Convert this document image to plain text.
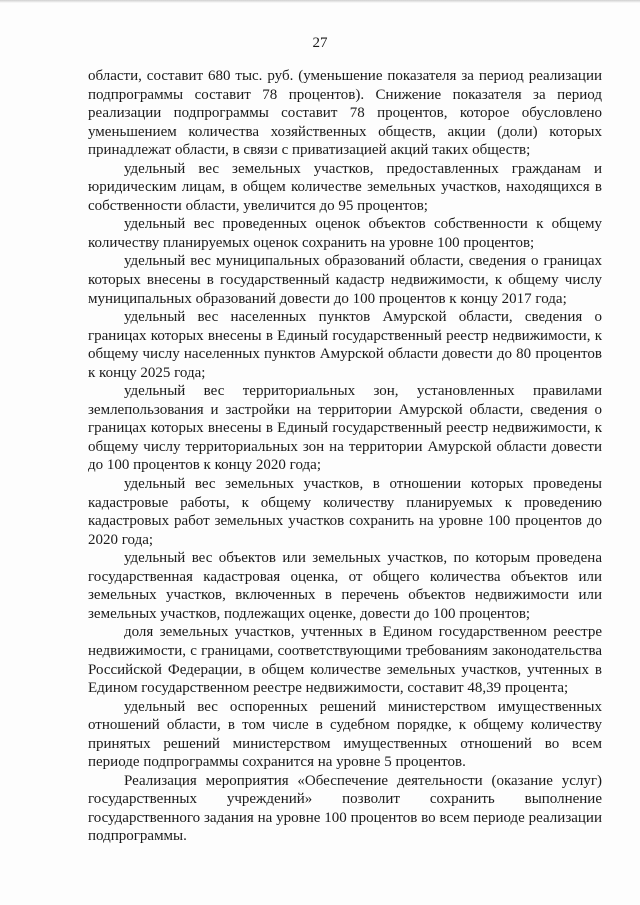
27

области, составит 680 тыс. руб. (уменьшение показателя за период реализации подпрограммы составит 78 процентов). Снижение показателя за период реализации подпрограммы составит 78 процентов, которое обусловлено уменьшением количества хозяйственных обществ, акции (доли) которых принадлежат области, в связи с приватизацией акций таких обществ;

удельный вес земельных участков, предоставленных гражданам и юридическим лицам, в общем количестве земельных участков, находящихся в собственности области, увеличится до 95 процентов;

удельный вес проведенных оценок объектов собственности к общему количеству планируемых оценок сохранить на уровне 100 процентов;

удельный вес муниципальных образований области, сведения о границах которых внесены в государственный кадастр недвижимости, к общему числу муниципальных образований довести до 100 процентов к концу 2017 года;

удельный вес населенных пунктов Амурской области, сведения о границах которых внесены в Единый государственный реестр недвижимости, к общему числу населенных пунктов Амурской области довести до 80 процентов к концу 2025 года;

удельный вес территориальных зон, установленных правилами землепользования и застройки на территории Амурской области, сведения о границах которых внесены в Единый государственный реестр недвижимости, к общему числу территориальных зон на территории Амурской области довести до 100 процентов к концу 2020 года;

удельный вес земельных участков, в отношении которых проведены кадастровые работы, к общему количеству планируемых к проведению кадастровых работ земельных участков сохранить на уровне 100 процентов до 2020 года;

удельный вес объектов или земельных участков, по которым проведена государственная кадастровая оценка, от общего количества объектов или земельных участков, включенных в перечень объектов недвижимости или земельных участков, подлежащих оценке, довести до 100 процентов;

доля земельных участков, учтенных в Едином государственном реестре недвижимости, с границами, соответствующими требованиям законодательства Российской Федерации, в общем количестве земельных участков, учтенных в Едином государственном реестре недвижимости, составит 48,39 процента;

удельный вес оспоренных решений министерством имущественных отношений области, в том числе в судебном порядке, к общему количеству принятых решений министерством имущественных отношений во всем периоде подпрограммы сохранится на уровне 5 процентов.

Реализация мероприятия «Обеспечение деятельности (оказание услуг) государственных учреждений» позволит сохранить выполнение государственного задания на уровне 100 процентов во всем периоде реализации подпрограммы.
